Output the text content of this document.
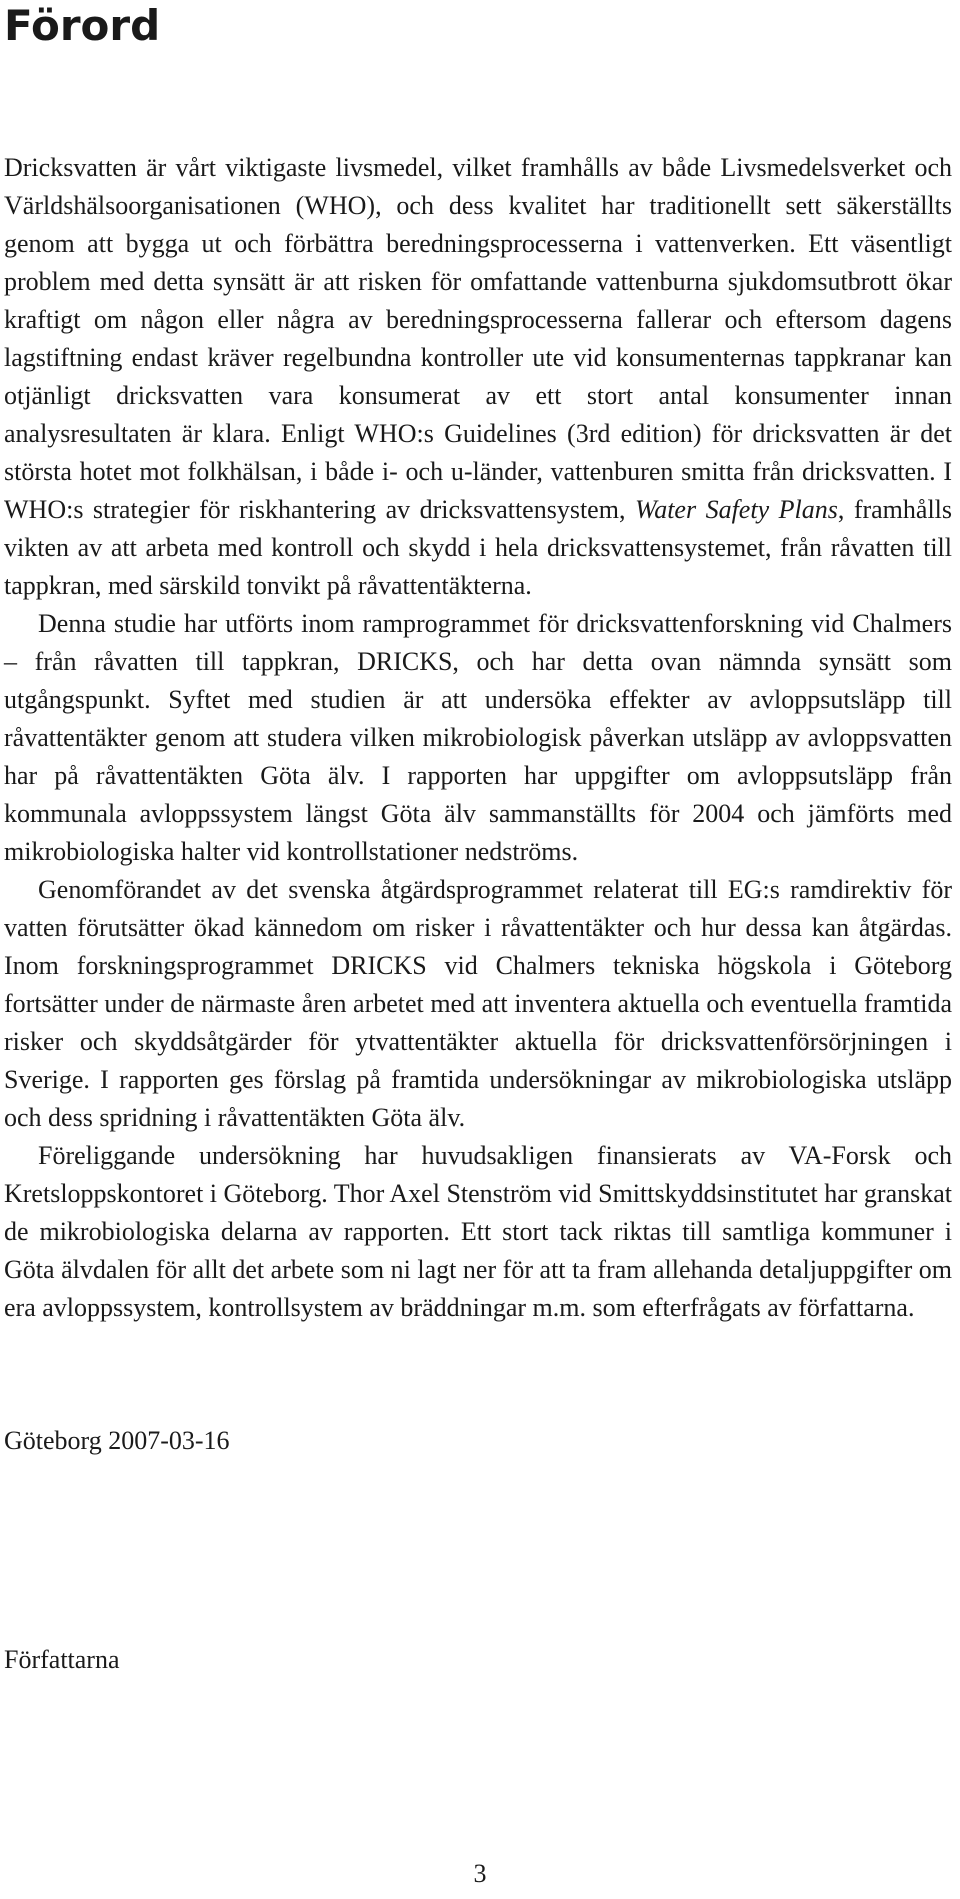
Förord

Dricksvatten är vårt viktigaste livsmedel, vilket framhålls av både Livsmedelsverket och Världshälsoorganisationen (WHO), och dess kvalitet har traditionellt sett säkerställts genom att bygga ut och förbättra beredningsprocesserna i vattenverken. Ett väsentligt problem med detta synsätt är att risken för omfattande vattenburna sjukdomsutbrott ökar kraftigt om någon eller några av beredningsprocesserna fallerar och eftersom dagens lagstiftning endast kräver regelbundna kontroller ute vid konsumenternas tappkranar kan otjänligt dricksvatten vara konsumerat av ett stort antal konsumenter innan analysresultaten är klara. Enligt WHO:s Guidelines (3rd edition) för dricksvatten är det största hotet mot folkhälsan, i både i- och u-länder, vattenburen smitta från dricksvatten. I WHO:s strategier för riskhantering av dricksvattensystem, Water Safety Plans, framhålls vikten av att arbeta med kontroll och skydd i hela dricksvattensystemet, från råvatten till tappkran, med särskild tonvikt på råvattentäkterna.

Denna studie har utförts inom ramprogrammet för dricksvattenforskning vid Chalmers – från råvatten till tappkran, DRICKS, och har detta ovan nämnda synsätt som utgångspunkt. Syftet med studien är att undersöka effekter av avloppsutsläpp till råvattentäkter genom att studera vilken mikrobiologisk påverkan utsläpp av avloppsvatten har på råvattentäkten Göta älv. I rapporten har uppgifter om avloppsutsläpp från kommunala avloppssystem längst Göta älv sammanställts för 2004 och jämförts med mikrobiologiska halter vid kontrollstationer nedströms.

Genomförandet av det svenska åtgärdsprogrammet relaterat till EG:s ramdirektiv för vatten förutsätter ökad kännedom om risker i råvattentäkter och hur dessa kan åtgärdas. Inom forskningsprogrammet DRICKS vid Chalmers tekniska högskola i Göteborg fortsätter under de närmaste åren arbetet med att inventera aktuella och eventuella framtida risker och skyddsåtgärder för ytvattentäkter aktuella för dricksvattenförsörjningen i Sverige. I rapporten ges förslag på framtida undersökningar av mikrobiologiska utsläpp och dess spridning i råvattentäkten Göta älv.

Föreliggande undersökning har huvudsakligen finansierats av VA-Forsk och Kretsloppskontoret i Göteborg. Thor Axel Stenström vid Smittskyddsinstitutet har granskat de mikrobiologiska delarna av rapporten. Ett stort tack riktas till samtliga kommuner i Göta älvdalen för allt det arbete som ni lagt ner för att ta fram allehanda detaljuppgifter om era avloppssystem, kontrollsystem av bräddningar m.m. som efterfrågats av författarna.

Göteborg 2007-03-16

Författarna

3
